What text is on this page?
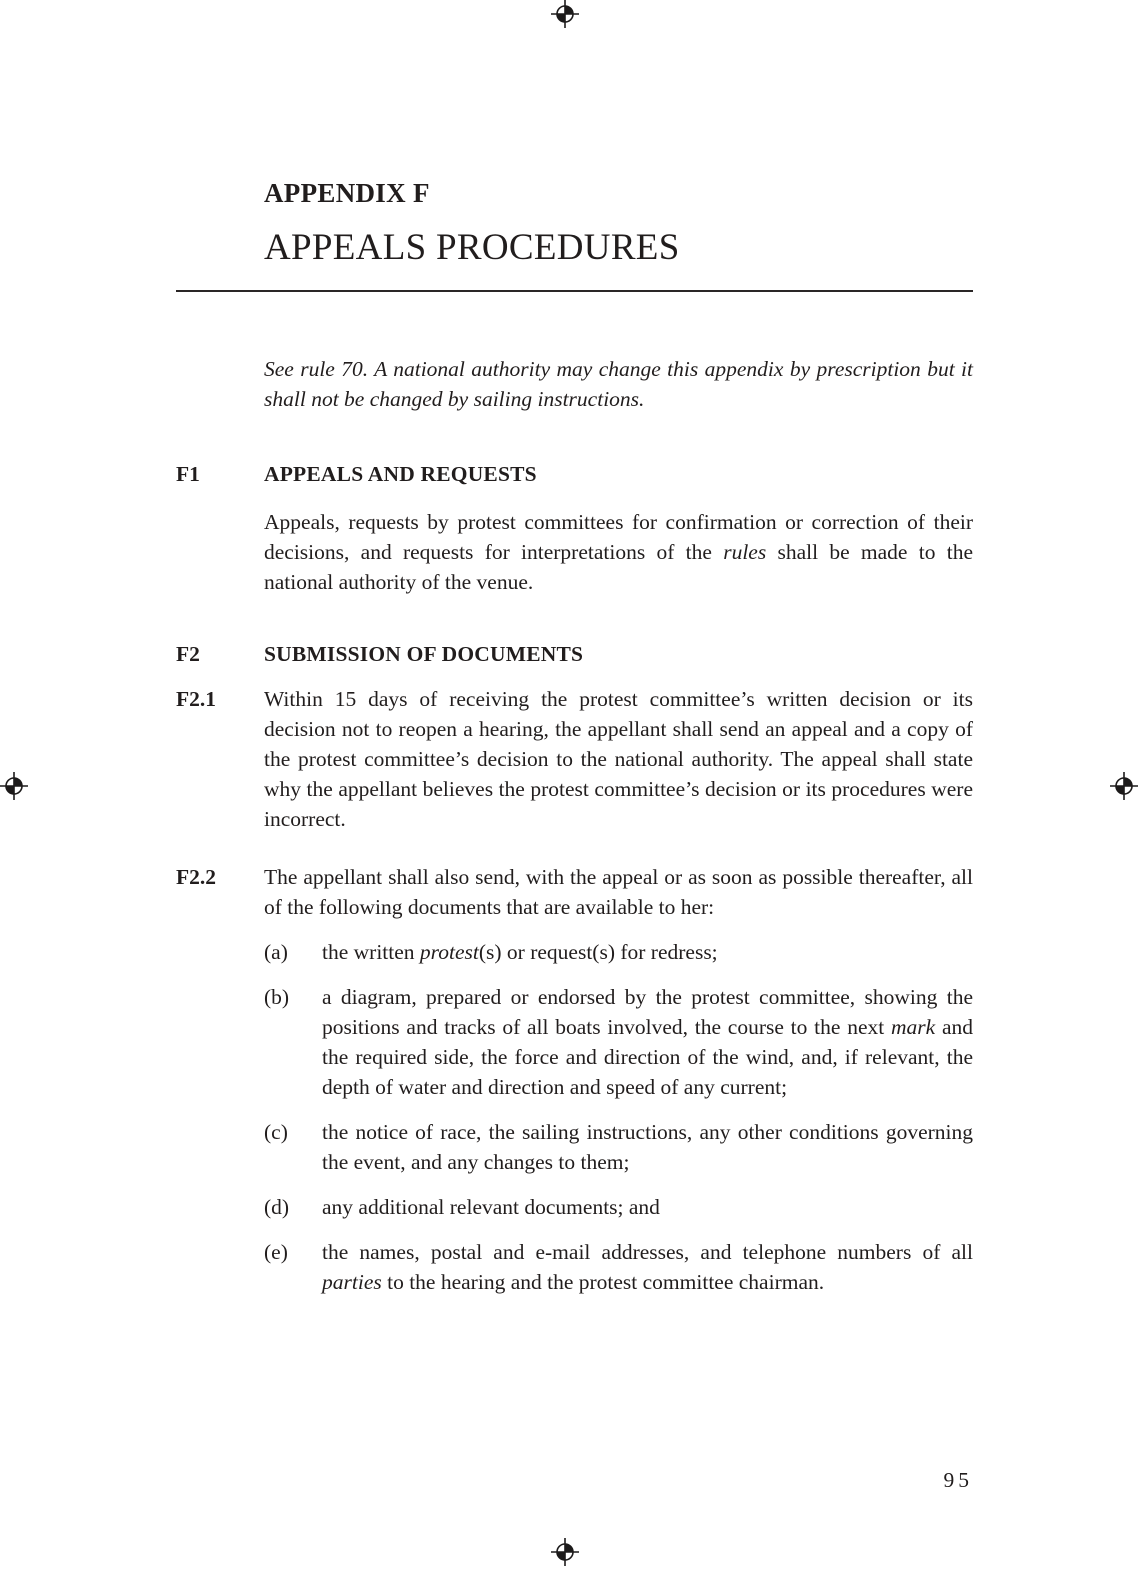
APPENDIX F
APPEALS PROCEDURES

See rule 70. A national authority may change this appendix by prescription but it shall not be changed by sailing instructions.

F1	APPEALS AND REQUESTS

Appeals, requests by protest committees for confirmation or correction of their decisions, and requests for interpretations of the rules shall be made to the national authority of the venue.

F2	SUBMISSION OF DOCUMENTS
F2.1	Within 15 days of receiving the protest committee’s written decision or its decision not to reopen a hearing, the appellant shall send an appeal and a copy of the protest committee’s decision to the national authority. The appeal shall state why the appellant believes the protest committee’s decision or its procedures were incorrect.

F2.2	The appellant shall also send, with the appeal or as soon as possible thereafter, all of the following documents that are available to her:

(a)	the written protest(s) or request(s) for redress;

(b)	a diagram, prepared or endorsed by the protest committee, showing the positions and tracks of all boats involved, the course to the next mark and the required side, the force and direction of the wind, and, if relevant, the depth of water and direction and speed of any current;

(c)	the notice of race, the sailing instructions, any other conditions governing the event, and any changes to them;

(d)	any additional relevant documents; and

(e)	the names, postal and e-mail addresses, and telephone numbers of all parties to the hearing and the protest committee chairman.

95
